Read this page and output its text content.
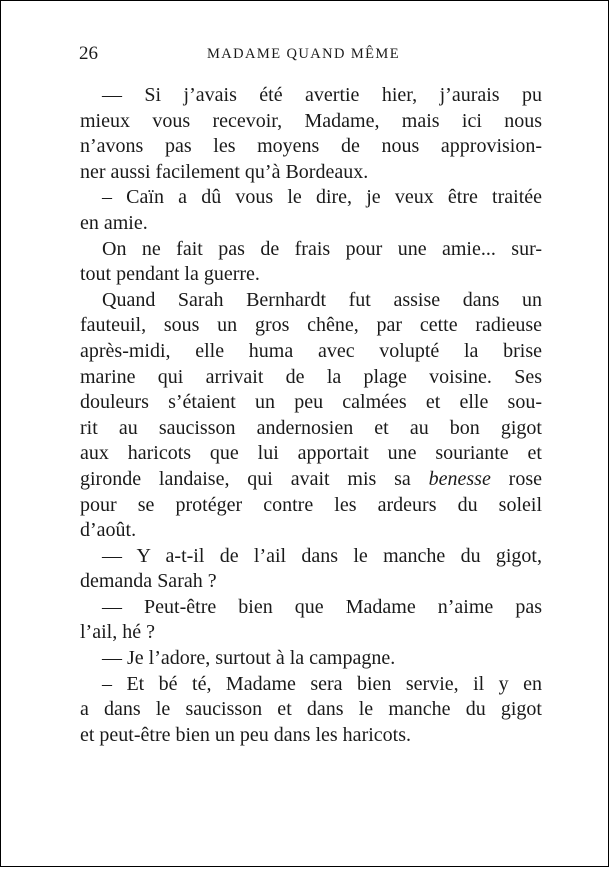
26	MADAME QUAND MÊME

— Si j’avais été avertie hier, j’aurais pu
mieux vous recevoir, Madame, mais ici nous
n’avons pas les moyens de nous approvision-
ner aussi facilement qu’à Bordeaux.

– Caïn a dû vous le dire, je veux être traitée
en amie.

On ne fait pas de frais pour une amie... sur-
tout pendant la guerre.

Quand Sarah Bernhardt fut assise dans un
fauteuil, sous un gros chêne, par cette radieuse
après-midi, elle huma avec volupté la brise
marine qui arrivait de la plage voisine. Ses
douleurs s’étaient un peu calmées et elle sou-
rit au saucisson andernosien et au bon gigot
aux haricots que lui apportait une souriante et
gironde landaise, qui avait mis sa benesse rose
pour se protéger contre les ardeurs du soleil
d’août.

— Y a-t-il de l’ail dans le manche du gigot,
demanda Sarah ?

— Peut-être bien que Madame n’aime pas
l’ail, hé ?

— Je l’adore, surtout à la campagne.

– Et bé té, Madame sera bien servie, il y en
a dans le saucisson et dans le manche du gigot
et peut-être bien un peu dans les haricots.
